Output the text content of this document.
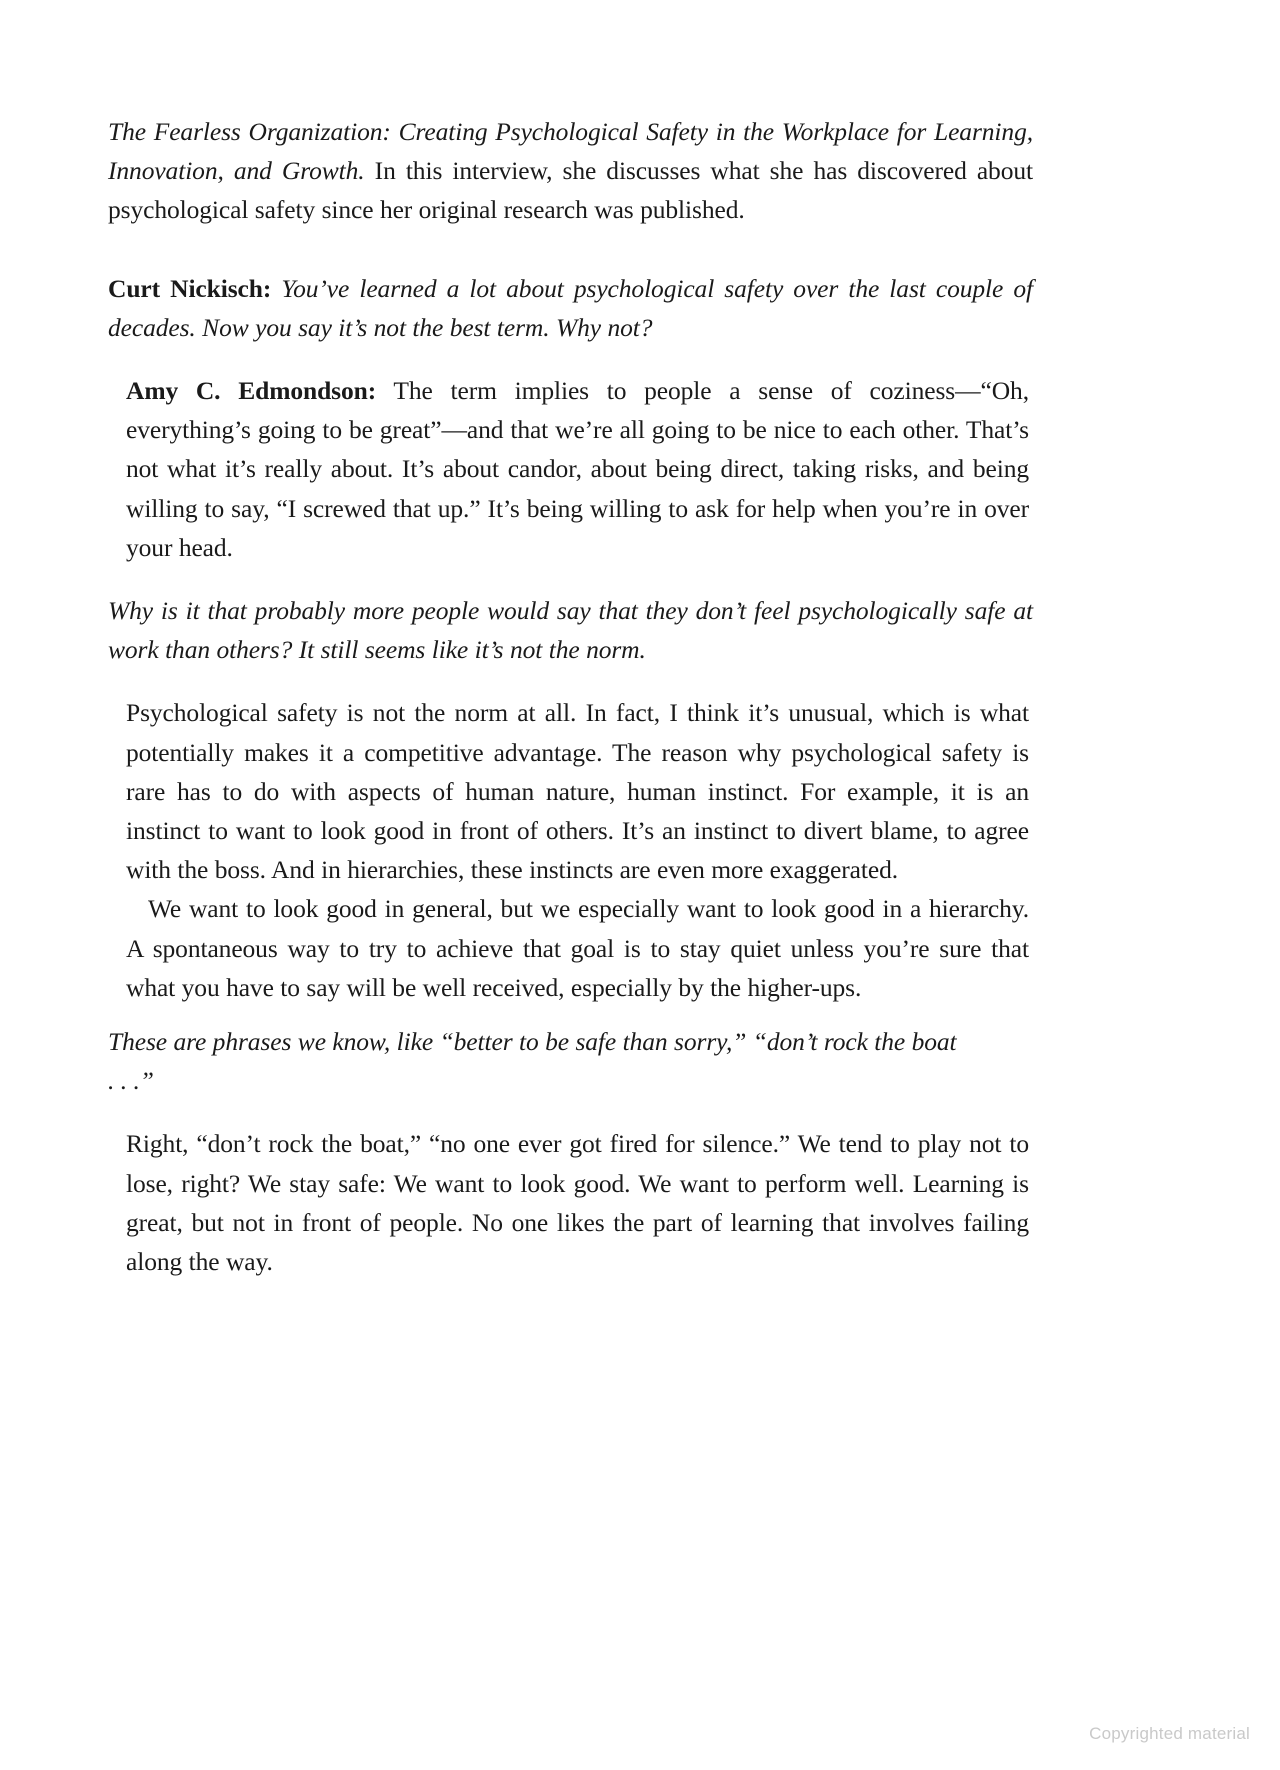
The Fearless Organization: Creating Psychological Safety in the Workplace for Learning, Innovation, and Growth. In this interview, she discusses what she has discovered about psychological safety since her original research was published.

Curt Nickisch: You’ve learned a lot about psychological safety over the last couple of decades. Now you say it’s not the best term. Why not?

Amy C. Edmondson: The term implies to people a sense of coziness—“Oh, everything’s going to be great”—and that we’re all going to be nice to each other. That’s not what it’s really about. It’s about candor, about being direct, taking risks, and being willing to say, “I screwed that up.” It’s being willing to ask for help when you’re in over your head.

Why is it that probably more people would say that they don’t feel psychologically safe at work than others? It still seems like it’s not the norm.

Psychological safety is not the norm at all. In fact, I think it’s unusual, which is what potentially makes it a competitive advantage. The reason why psychological safety is rare has to do with aspects of human nature, human instinct. For example, it is an instinct to want to look good in front of others. It’s an instinct to divert blame, to agree with the boss. And in hierarchies, these instincts are even more exaggerated.

We want to look good in general, but we especially want to look good in a hierarchy. A spontaneous way to try to achieve that goal is to stay quiet unless you’re sure that what you have to say will be well received, especially by the higher-ups.

These are phrases we know, like “better to be safe than sorry,” “don’t rock the boat

. . .”

Right, “don’t rock the boat,” “no one ever got fired for silence.” We tend to play not to lose, right? We stay safe: We want to look good. We want to perform well. Learning is great, but not in front of people. No one likes the part of learning that involves failing along the way.

Copyrighted material
